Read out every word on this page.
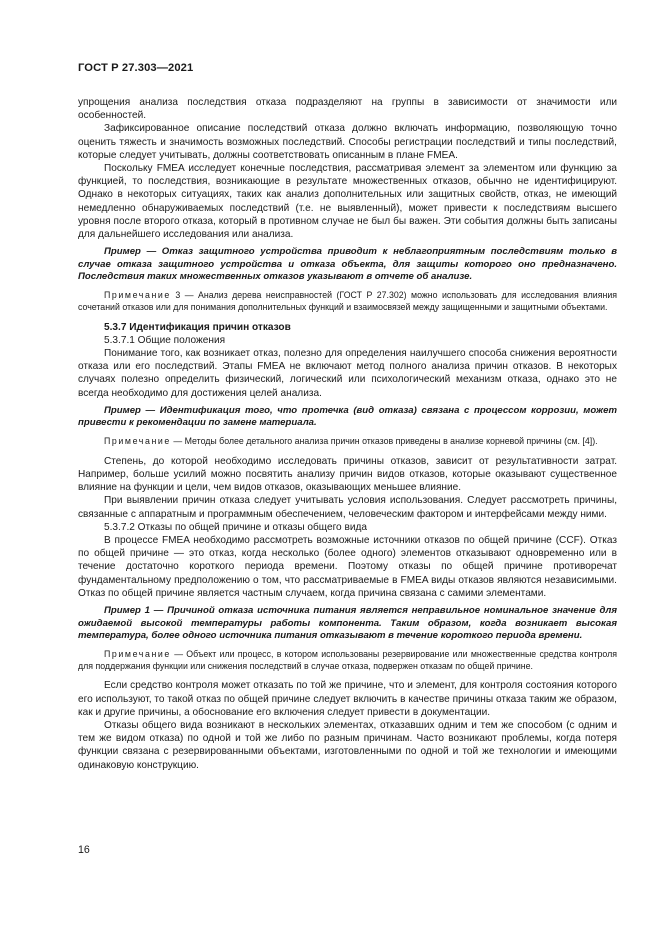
ГОСТ Р 27.303—2021

упрощения анализа последствия отказа подразделяют на группы в зависимости от значимости или особенностей.

Зафиксированное описание последствий отказа должно включать информацию, позволяющую точно оценить тяжесть и значимость возможных последствий. Способы регистрации последствий и типы последствий, которые следует учитывать, должны соответствовать описанным в плане FMEA.

Поскольку FMEA исследует конечные последствия, рассматривая элемент за элементом или функцию за функцией, то последствия, возникающие в результате множественных отказов, обычно не идентифицируют. Однако в некоторых ситуациях, таких как анализ дополнительных или защитных свойств, отказ, не имеющий немедленно обнаруживаемых последствий (т.е. не выявленный), может привести к последствиям высшего уровня после второго отказа, который в противном случае не был бы важен. Эти события должны быть записаны для дальнейшего исследования или анализа.

Пример — Отказ защитного устройства приводит к неблагоприятным последствиям только в случае отказа защитного устройства и отказа объекта, для защиты которого оно предназначено. Последствия таких множественных отказов указывают в отчете об анализе.

Примечание 3 — Анализ дерева неисправностей (ГОСТ Р 27.302) можно использовать для исследования влияния сочетаний отказов или для понимания дополнительных функций и взаимосвязей между защищенными и защитными объектами.

5.3.7 Идентификация причин отказов

5.3.7.1 Общие положения

Понимание того, как возникает отказ, полезно для определения наилучшего способа снижения вероятности отказа или его последствий. Этапы FMEA не включают метод полного анализа причин отказов. В некоторых случаях полезно определить физический, логический или психологический механизм отказа, однако это не всегда необходимо для достижения целей анализа.

Пример — Идентификация того, что протечка (вид отказа) связана с процессом коррозии, может привести к рекомендации по замене материала.

Примечание — Методы более детального анализа причин отказов приведены в анализе корневой причины (см. [4]).

Степень, до которой необходимо исследовать причины отказов, зависит от результативности затрат. Например, больше усилий можно посвятить анализу причин видов отказов, которые оказывают существенное влияние на функции и цели, чем видов отказов, оказывающих меньшее влияние.

При выявлении причин отказа следует учитывать условия использования. Следует рассмотреть причины, связанные с аппаратным и программным обеспечением, человеческим фактором и интерфейсами между ними.

5.3.7.2 Отказы по общей причине и отказы общего вида

В процессе FMEA необходимо рассмотреть возможные источники отказов по общей причине (CCF). Отказ по общей причине — это отказ, когда несколько (более одного) элементов отказывают одновременно или в течение достаточно короткого периода времени. Поэтому отказы по общей причине противоречат фундаментальному предположению о том, что рассматриваемые в FMEA виды отказов являются независимыми. Отказ по общей причине является частным случаем, когда причина связана с самими элементами.

Пример 1 — Причиной отказа источника питания является неправильное номинальное значение для ожидаемой высокой температуры работы компонента. Таким образом, когда возникает высокая температура, более одного источника питания отказывают в течение короткого периода времени.

Примечание — Объект или процесс, в котором использованы резервирование или множественные средства контроля для поддержания функции или снижения последствий в случае отказа, подвержен отказам по общей причине.

Если средство контроля может отказать по той же причине, что и элемент, для контроля состояния которого его используют, то такой отказ по общей причине следует включить в качестве причины отказа таким же образом, как и другие причины, а обоснование его включения следует привести в документации.

Отказы общего вида возникают в нескольких элементах, отказавших одним и тем же способом (с одним и тем же видом отказа) по одной и той же либо по разным причинам. Часто возникают проблемы, когда потеря функции связана с резервированными объектами, изготовленными по одной и той же технологии и имеющими одинаковую конструкцию.

16
